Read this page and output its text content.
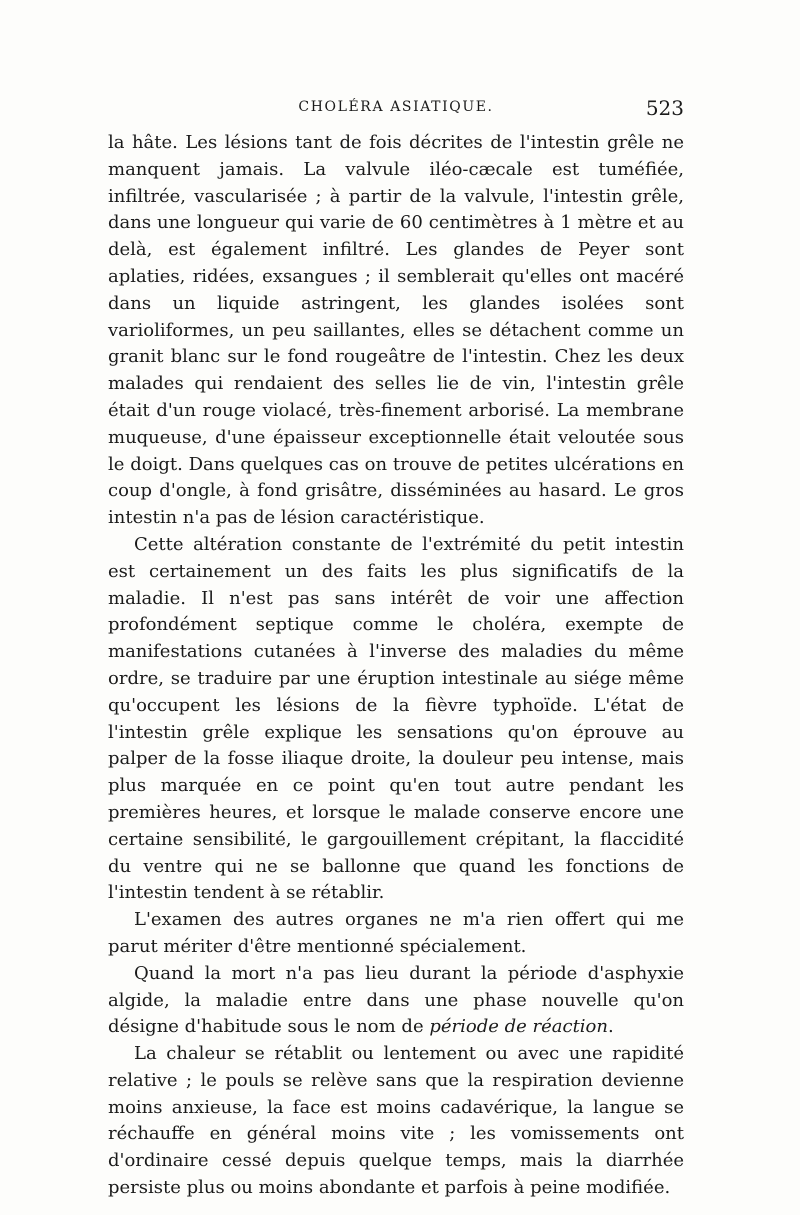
CHOLÉRA ASIATIQUE.	523

la hâte. Les lésions tant de fois décrites de l'intestin grêle ne manquent jamais. La valvule iléo-cæcale est tuméfiée, infiltrée, vascularisée ; à partir de la valvule, l'intestin grêle, dans une longueur qui varie de 60 centimètres à 1 mètre et au delà, est également infiltré. Les glandes de Peyer sont aplaties, ridées, exsangues ; il semblerait qu'elles ont macéré dans un liquide astringent, les glandes isolées sont varioliformes, un peu saillantes, elles se détachent comme un granit blanc sur le fond rougeâtre de l'intestin. Chez les deux malades qui rendaient des selles lie de vin, l'intestin grêle était d'un rouge violacé, très-finement arborisé. La membrane muqueuse, d'une épaisseur exceptionnelle était veloutée sous le doigt. Dans quelques cas on trouve de petites ulcérations en coup d'ongle, à fond grisâtre, disséminées au hasard. Le gros intestin n'a pas de lésion caractéristique.

Cette altération constante de l'extrémité du petit intestin est certainement un des faits les plus significatifs de la maladie. Il n'est pas sans intérêt de voir une affection profondément septique comme le choléra, exempte de manifestations cutanées à l'inverse des maladies du même ordre, se traduire par une éruption intestinale au siége même qu'occupent les lésions de la fièvre typhoïde. L'état de l'intestin grêle explique les sensations qu'on éprouve au palper de la fosse iliaque droite, la douleur peu intense, mais plus marquée en ce point qu'en tout autre pendant les premières heures, et lorsque le malade conserve encore une certaine sensibilité, le gargouillement crépitant, la flaccidité du ventre qui ne se ballonne que quand les fonctions de l'intestin tendent à se rétablir.

L'examen des autres organes ne m'a rien offert qui me parut mériter d'être mentionné spécialement.

Quand la mort n'a pas lieu durant la période d'asphyxie algide, la maladie entre dans une phase nouvelle qu'on désigne d'habitude sous le nom de période de réaction.

La chaleur se rétablit ou lentement ou avec une rapidité relative ; le pouls se relève sans que la respiration devienne moins anxieuse, la face est moins cadavérique, la langue se réchauffe en général moins vite ; les vomissements ont d'ordinaire cessé depuis quelque temps, mais la diarrhée persiste plus ou moins abondante et parfois à peine modifiée.
